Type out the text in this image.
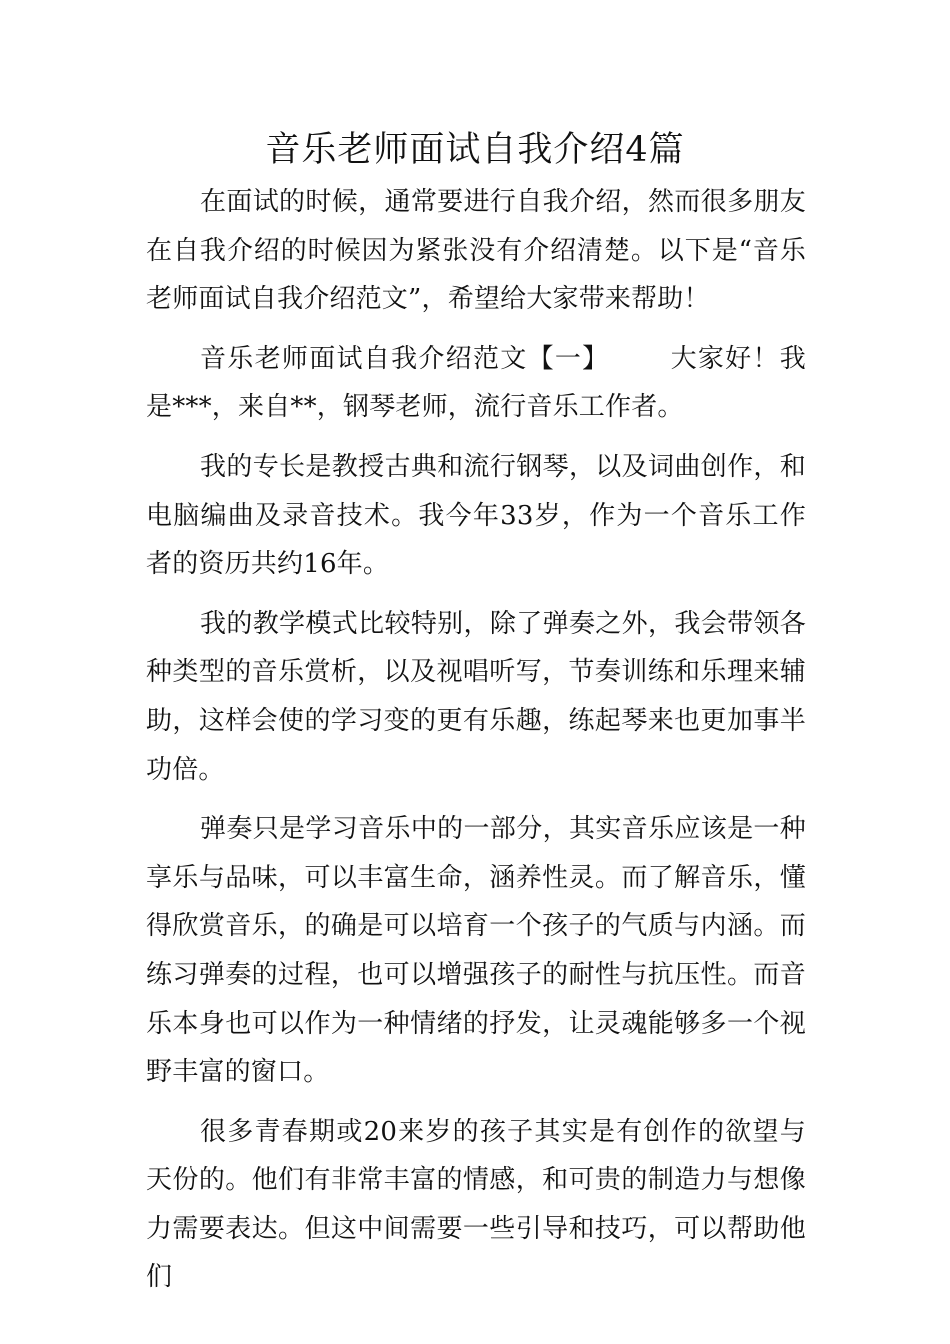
音乐老师面试自我介绍4篇

在面试的时候，通常要进行自我介绍，然而很多朋友在自我介绍的时候因为紧张没有介绍清楚。以下是“音乐老师面试自我介绍范文”，希望给大家带来帮助！

音乐老师面试自我介绍范文【一】 大家好！我是***，来自**，钢琴老师，流行音乐工作者。

我的专长是教授古典和流行钢琴，以及词曲创作，和电脑编曲及录音技术。我今年33岁，作为一个音乐工作者的资历共约16年。

我的教学模式比较特别，除了弹奏之外，我会带领各种类型的音乐赏析，以及视唱听写，节奏训练和乐理来辅助，这样会使的学习变的更有乐趣，练起琴来也更加事半功倍。

弹奏只是学习音乐中的一部分，其实音乐应该是一种享乐与品味，可以丰富生命，涵养性灵。而了解音乐，懂得欣赏音乐，的确是可以培育一个孩子的气质与内涵。而练习弹奏的过程，也可以增强孩子的耐性与抗压性。而音乐本身也可以作为一种情绪的抒发，让灵魂能够多一个视野丰富的窗口。

很多青春期或20来岁的孩子其实是有创作的欲望与天份的。他们有非常丰富的情感，和可贵的制造力与想像力需要表达。但这中间需要一些引导和技巧，可以帮助他们
